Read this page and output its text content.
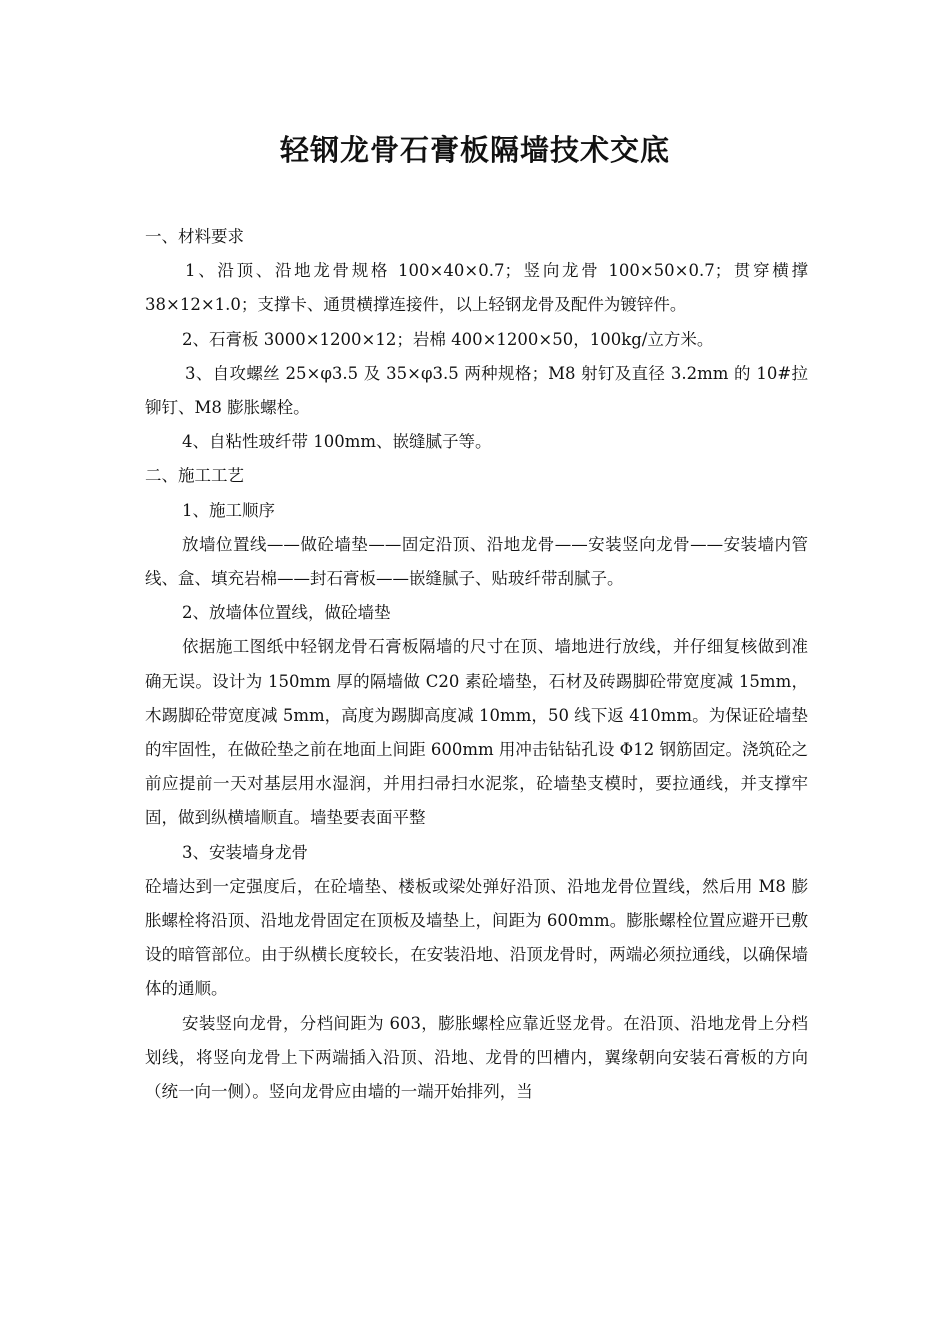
轻钢龙骨石膏板隔墙技术交底

一、材料要求

1、沿顶、沿地龙骨规格 100×40×0.7；竖向龙骨 100×50×0.7；贯穿横撑 38×12×1.0；支撑卡、通贯横撑连接件，以上轻钢龙骨及配件为镀锌件。

2、石膏板 3000×1200×12；岩棉 400×1200×50，100kg/立方米。

3、自攻螺丝 25×φ3.5 及 35×φ3.5 两种规格；M8 射钉及直径 3.2mm 的 10#拉铆钉、M8 膨胀螺栓。

4、自粘性玻纤带 100mm、嵌缝腻子等。

二、施工工艺

1、施工顺序

放墙位置线——做砼墙垫——固定沿顶、沿地龙骨——安装竖向龙骨——安装墙内管线、盒、填充岩棉——封石膏板——嵌缝腻子、贴玻纤带刮腻子。

2、放墙体位置线，做砼墙垫

依据施工图纸中轻钢龙骨石膏板隔墙的尺寸在顶、墙地进行放线，并仔细复核做到准确无误。设计为 150mm 厚的隔墙做 C20 素砼墙垫，石材及砖踢脚砼带宽度减 15mm，木踢脚砼带宽度减 5mm，高度为踢脚高度减 10mm，50 线下返 410mm。为保证砼墙垫的牢固性，在做砼垫之前在地面上间距 600mm 用冲击钻钻孔设 Φ12 钢筋固定。浇筑砼之前应提前一天对基层用水湿润，并用扫帚扫水泥浆，砼墙垫支模时，要拉通线，并支撑牢固，做到纵横墙顺直。墙垫要表面平整

3、安装墙身龙骨

砼墙达到一定强度后，在砼墙垫、楼板或梁处弹好沿顶、沿地龙骨位置线，然后用 M8 膨胀螺栓将沿顶、沿地龙骨固定在顶板及墙垫上，间距为 600mm。膨胀螺栓位置应避开已敷设的暗管部位。由于纵横长度较长，在安装沿地、沿顶龙骨时，两端必须拉通线，以确保墙体的通顺。

安装竖向龙骨，分档间距为 603，膨胀螺栓应靠近竖龙骨。在沿顶、沿地龙骨上分档划线，将竖向龙骨上下两端插入沿顶、沿地、龙骨的凹槽内，翼缘朝向安装石膏板的方向（统一向一侧）。竖向龙骨应由墙的一端开始排列，当
